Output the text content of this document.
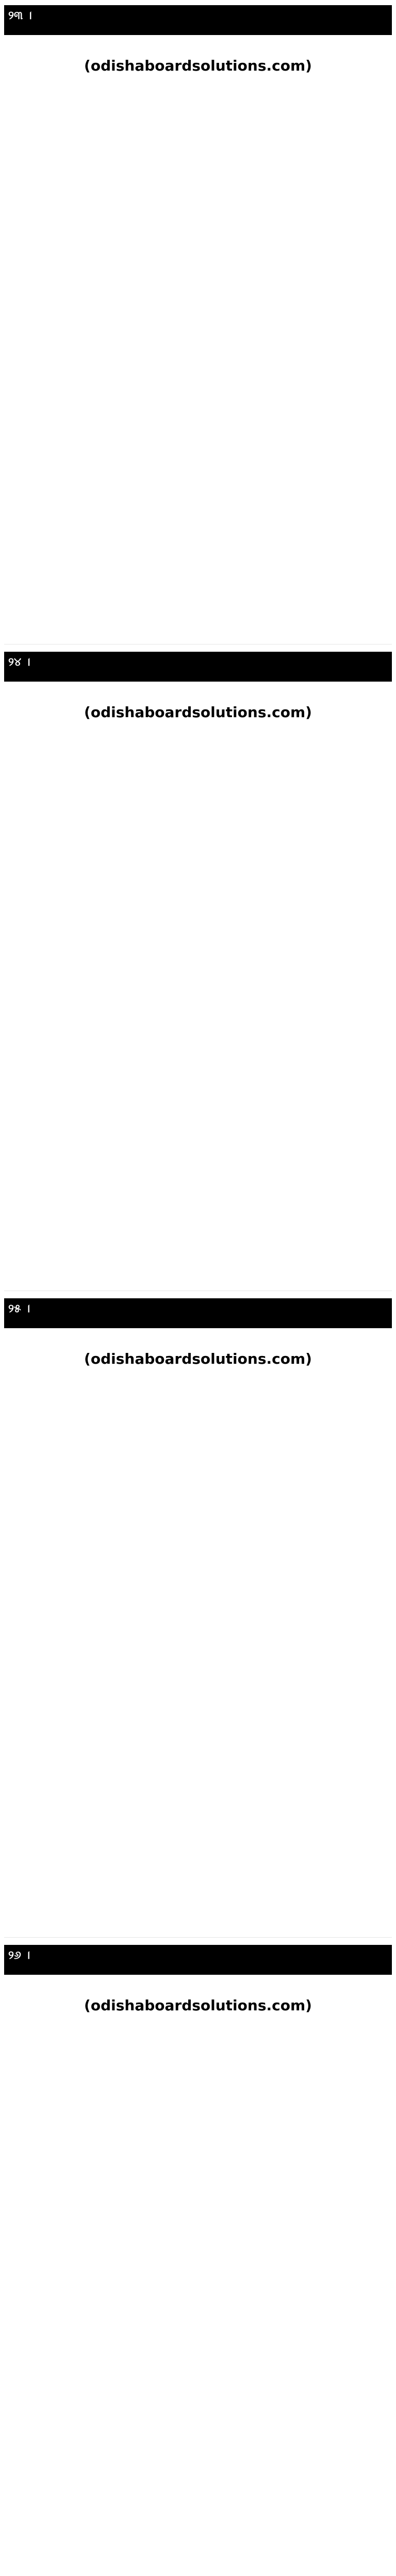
୨୩ ।
( odishaboardsolutions.com )
୨୪ ।
( odishaboardsolutions.com )
୨୫ ।
( odishaboardsolutions.com )
୨୬ ।
( odishaboardsolutions.com )
